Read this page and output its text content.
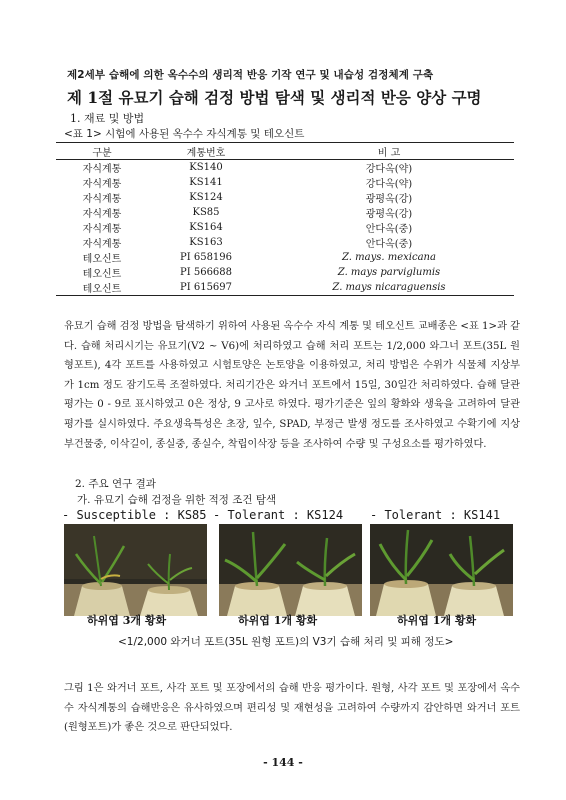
제2세부 습해에 의한 옥수수의 생리적 반응 기작 연구 및 내습성 검정체계 구축
제 1절 유묘기 습해 검정 방법 탐색 및 생리적 반응 양상 구명
1. 재료 및 방법
<표 1> 시험에 사용된 옥수수 자식계통 및 테오신트
구분	계통번호	비 고
자식계통	KS140	강다옥(약)
자식계통	KS141	강다옥(약)
자식계통	KS124	광평옥(강)
자식계통	KS85	광평옥(강)
자식계통	KS164	안다옥(중)
자식계통	KS163	안다옥(중)
테오신트	PI 658196	Z. mays. mexicana
테오신트	PI 566688	Z. mays parviglumis
테오신트	PI 615697	Z. mays nicaraguensis
유묘기 습해 검정 방법을 탐색하기 위하여 사용된 옥수수 자식 계통 및 테오신트 교배종은 <표 1>과 같다. 습해 처리시기는 유묘기(V2 ~ V6)에 처리하였고 습해 처리 포트는 1/2,000 와그너 포트(35L 원형포트), 4각 포트를 사용하였고 시험토양은 논토양을 이용하였고, 처리 방법은 수위가 식물체 지상부가 1cm 정도 잠기도록 조절하였다. 처리기간은 와거너 포트에서 15일, 30일간 처리하였다. 습해 달관평가는 0 - 9로 표시하였고 0은 정상, 9 고사로 하였다. 평가기준은 잎의 황화와 생육을 고려하여 달관 평가를 실시하였다. 주요생육특성은 초장, 잎수, SPAD, 부정근 발생 정도를 조사하였고 수확기에 지상부건물중, 이삭길이, 종실중, 종실수, 착립이삭장 등을 조사하여 수량 및 구성요소를 평가하였다.
2. 주요 연구 결과
가. 유묘기 습해 검정을 위한 적정 조건 탐색
- Susceptible : KS85 - Tolerant : KS124 - Tolerant : KS141
하위엽 3개 황화	하위엽 1개 황화	하위엽 1개 황화
<1/2,000 와거너 포트(35L 원형 포트)의 V3기 습해 처리 및 피해 정도>
그림 1은 와거너 포트, 사각 포트 및 포장에서의 습해 반응 평가이다. 원형, 사각 포트 및 포장에서 옥수수 자식계통의 습해반응은 유사하였으며 편리성 및 재현성을 고려하여 수량까지 감안하면 와거너 포트(원형포트)가 좋은 것으로 판단되었다.
- 144 -
